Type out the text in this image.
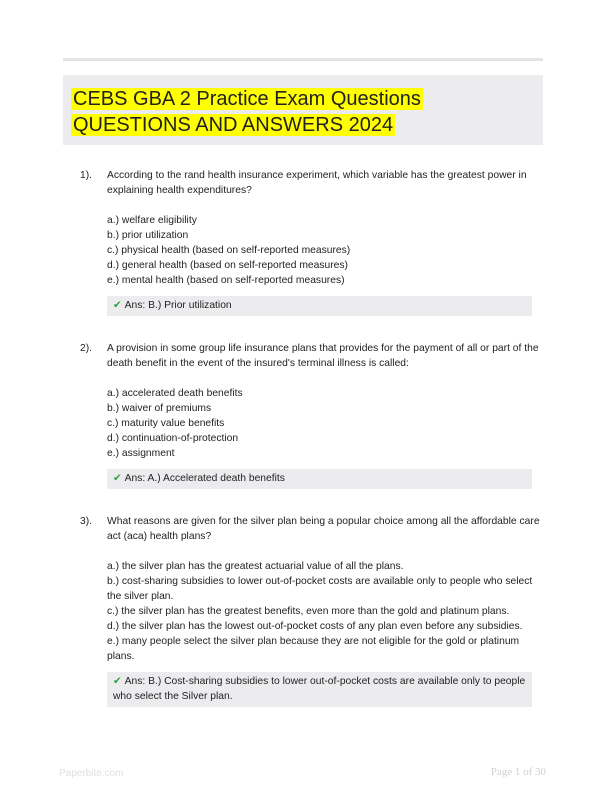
CEBS GBA 2 Practice Exam Questions
QUESTIONS AND ANSWERS 2024
1).	According to the rand health insurance experiment, which variable has the greatest power in explaining health expenditures?

a.) welfare eligibility
b.) prior utilization
c.) physical health (based on self-reported measures)
d.) general health (based on self-reported measures)
e.) mental health (based on self-reported measures)
✔ Ans: B.) Prior utilization
2).	A provision in some group life insurance plans that provides for the payment of all or part of the death benefit in the event of the insured's terminal illness is called:

a.) accelerated death benefits
b.) waiver of premiums
c.) maturity value benefits
d.) continuation-of-protection
e.) assignment
✔ Ans: A.) Accelerated death benefits
3).	What reasons are given for the silver plan being a popular choice among all the affordable care act (aca) health plans?

a.) the silver plan has the greatest actuarial value of all the plans.
b.) cost-sharing subsidies to lower out-of-pocket costs are available only to people who select the silver plan.
c.) the silver plan has the greatest benefits, even more than the gold and platinum plans.
d.) the silver plan has the lowest out-of-pocket costs of any plan even before any subsidies.
e.) many people select the silver plan because they are not eligible for the gold or platinum plans.
✔ Ans: B.) Cost-sharing subsidies to lower out-of-pocket costs are available only to people who select the Silver plan.
Paperbite.com	Page 1 of 30
